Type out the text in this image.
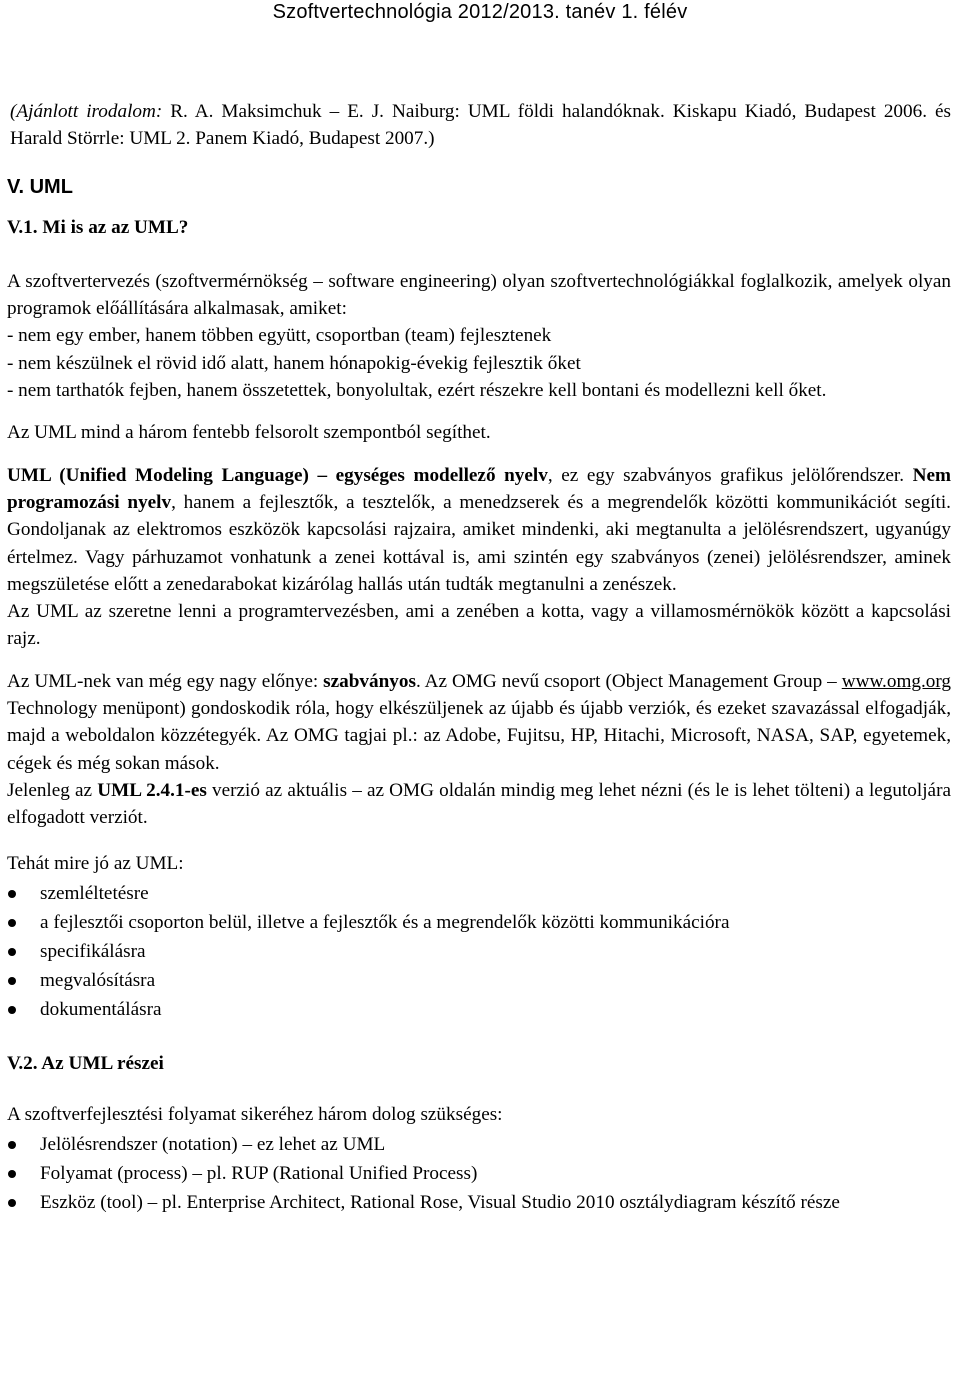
Szoftvertechnológia 2012/2013. tanév 1. félév

(Ajánlott irodalom: R. A. Maksimchuk – E. J. Naiburg: UML földi halandóknak. Kiskapu Kiadó, Budapest 2006. és Harald Störrle: UML 2. Panem Kiadó, Budapest 2007.)

V. UML
V.1. Mi is az az UML?

A szoftvertervezés (szoftvermérnökség – software engineering) olyan szoftvertechnológiákkal foglalkozik, amelyek olyan programok előállítására alkalmasak, amiket:

- nem egy ember, hanem többen együtt, csoportban (team) fejlesztenek

- nem készülnek el rövid idő alatt, hanem hónapokig-évekig fejlesztik őket

- nem tarthatók fejben, hanem összetettek, bonyolultak, ezért részekre kell bontani és modellezni kell őket.

Az UML mind a három fentebb felsorolt szempontból segíthet.

UML (Unified Modeling Language) – egységes modellező nyelv, ez egy szabványos grafikus jelölőrendszer. Nem programozási nyelv, hanem a fejlesztők, a tesztelők, a menedzserek és a megrendelők közötti kommunikációt segíti. Gondoljanak az elektromos eszközök kapcsolási rajzaira, amiket mindenki, aki megtanulta a jelölésrendszert, ugyanúgy értelmez. Vagy párhuzamot vonhatunk a zenei kottával is, ami szintén egy szabványos (zenei) jelölésrendszer, aminek megszületése előtt a zenedarabokat kizárólag hallás után tudták megtanulni a zenészek.

Az UML az szeretne lenni a programtervezésben, ami a zenében a kotta, vagy a villamosmérnökök között a kapcsolási rajz.

Az UML-nek van még egy nagy előnye: szabványos. Az OMG nevű csoport (Object Management Group – www.omg.org Technology menüpont) gondoskodik róla, hogy elkészüljenek az újabb és újabb verziók, és ezeket szavazással elfogadják, majd a weboldalon közzétegyék. Az OMG tagjai pl.: az Adobe, Fujitsu, HP, Hitachi, Microsoft, NASA, SAP, egyetemek, cégek és még sokan mások.

Jelenleg az UML 2.4.1-es verzió az aktuális – az OMG oldalán mindig meg lehet nézni (és le is lehet tölteni) a legutoljára elfogadott verziót.

Tehát mire jó az UML:

szemléltetésre
a fejlesztői csoporton belül, illetve a fejlesztők és a megrendelők közötti kommunikációra
specifikálásra
megvalósításra
dokumentálásra
V.2. Az UML részei

A szoftverfejlesztési folyamat sikeréhez három dolog szükséges:

Jelölésrendszer (notation) – ez lehet az UML
Folyamat (process) – pl. RUP (Rational Unified Process)
Eszköz (tool) – pl. Enterprise Architect, Rational Rose, Visual Studio 2010 osztálydiagram készítő része
